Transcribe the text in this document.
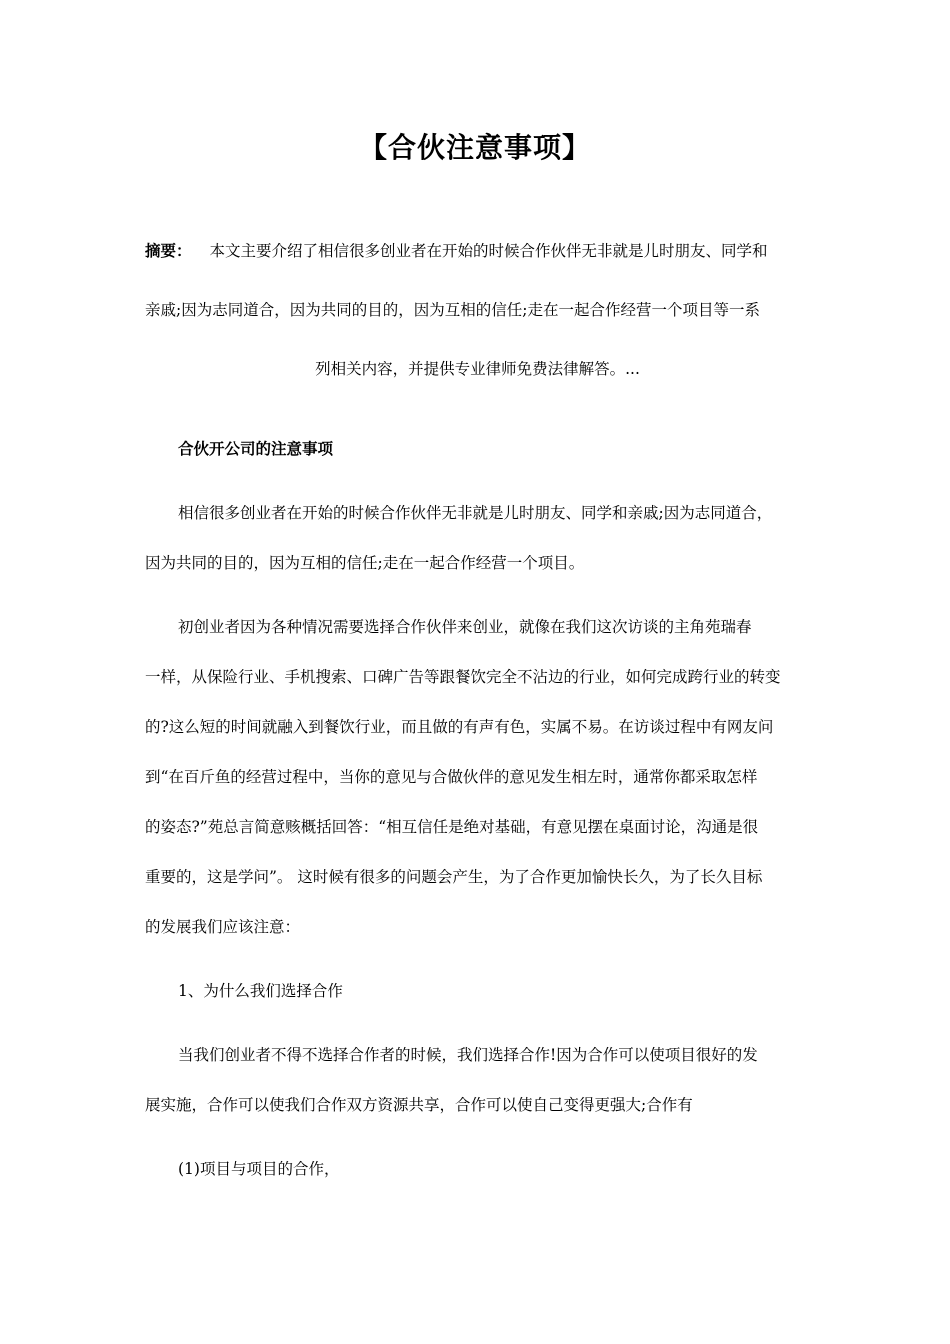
【合伙注意事项】
摘要： 本文主要介绍了相信很多创业者在开始的时候合作伙伴无非就是儿时朋友、同学和
亲戚;因为志同道合，因为共同的目的，因为互相的信任;走在一起合作经营一个项目等一系
列相关内容，并提供专业律师免费法律解答。...
合伙开公司的注意事项
相信很多创业者在开始的时候合作伙伴无非就是儿时朋友、同学和亲戚;因为志同道合，
因为共同的目的，因为互相的信任;走在一起合作经营一个项目。
初创业者因为各种情况需要选择合作伙伴来创业，就像在我们这次访谈的主角苑瑞春
一样，从保险行业、手机搜索、口碑广告等跟餐饮完全不沾边的行业，如何完成跨行业的转变
的?这么短的时间就融入到餐饮行业，而且做的有声有色，实属不易。在访谈过程中有网友问
到“在百斤鱼的经营过程中，当你的意见与合做伙伴的意见发生相左时，通常你都采取怎样
的姿态?”苑总言简意赅概括回答：“相互信任是绝对基础，有意见摆在桌面讨论，沟通是很
重要的，这是学问”。 这时候有很多的问题会产生，为了合作更加愉快长久，为了长久目标
的发展我们应该注意：
1、为什么我们选择合作
当我们创业者不得不选择合作者的时候，我们选择合作!因为合作可以使项目很好的发
展实施，合作可以使我们合作双方资源共享，合作可以使自己变得更强大;合作有
(1)项目与项目的合作，
